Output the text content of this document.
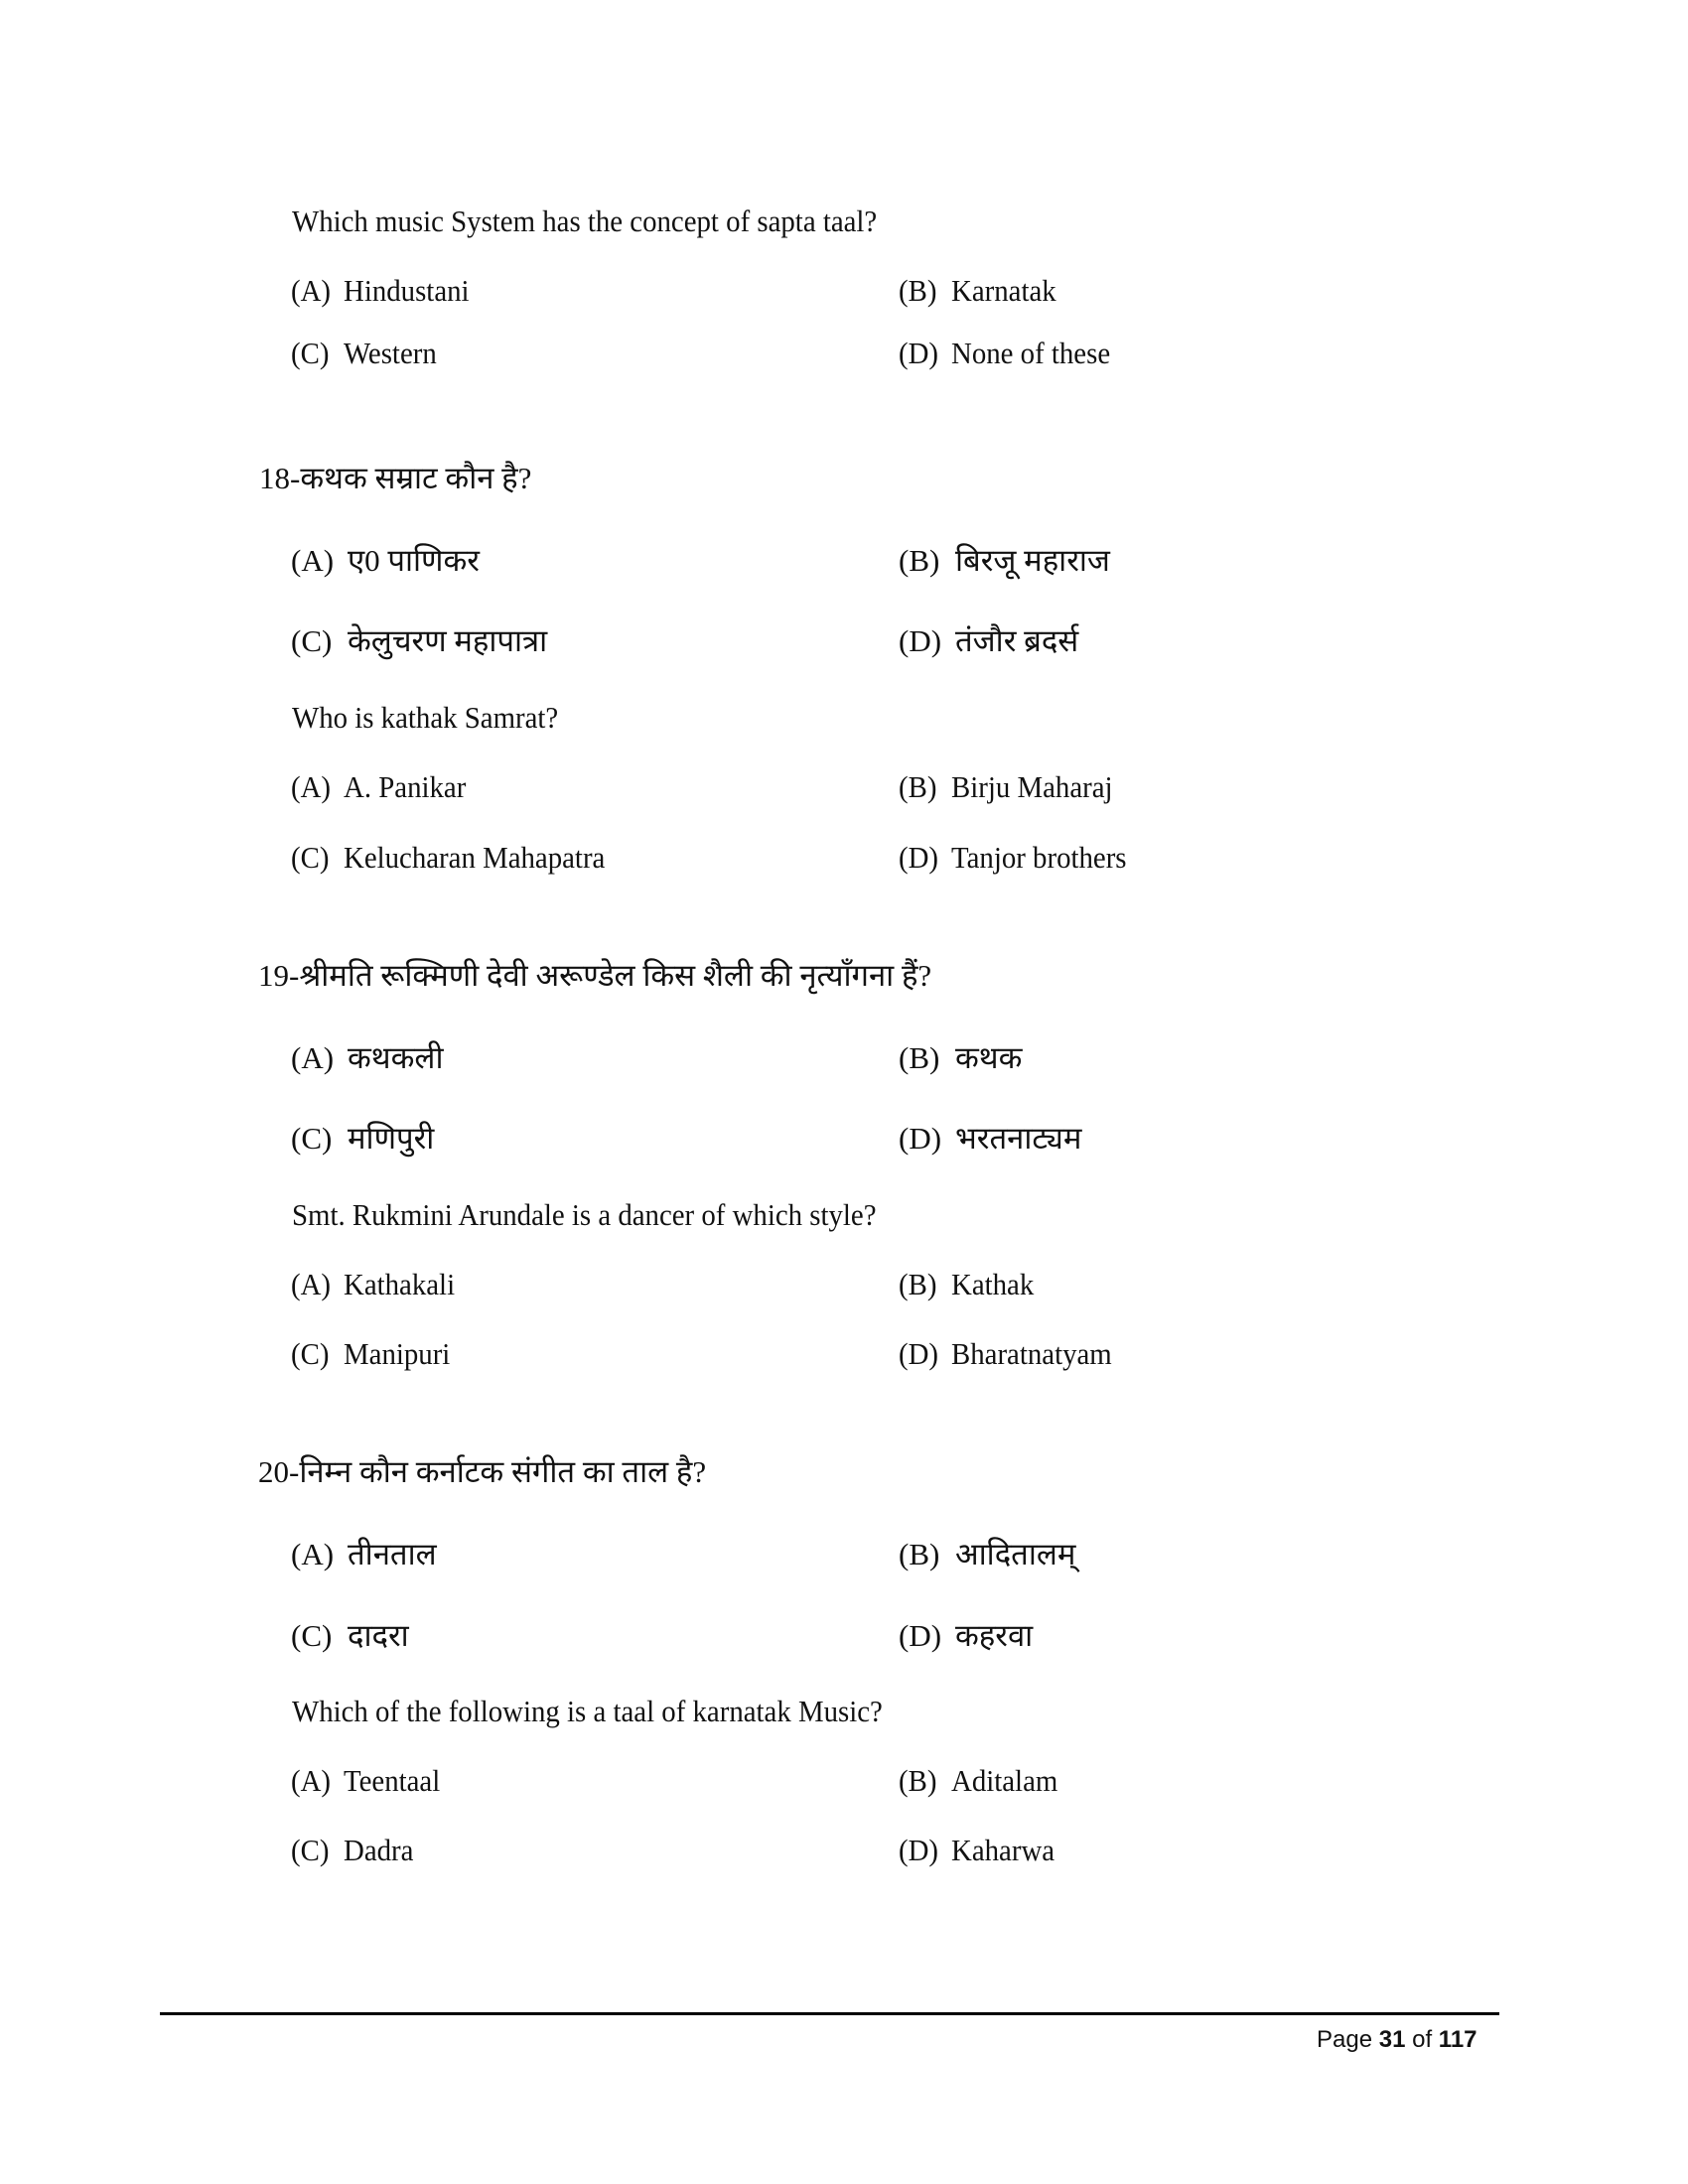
Which music System has the concept of sapta taal?
(A) Hindustani	(B) Karnatak
(C) Western	(D) None of these
18-कथक सम्राट कौन है?
(A) ए0 पाणिकर	(B) बिरजू महाराज
(C) केलुचरण महापात्रा	(D) तंजौर ब्रदर्स
Who is kathak Samrat?
(A) A. Panikar	(B) Birju Maharaj
(C) Kelucharan Mahapatra	(D) Tanjor brothers
19-श्रीमति रूक्मिणी देवी अरूण्डेल किस शैली की नृत्याँगना हैं?
(A) कथकली	(B) कथक
(C) मणिपुरी	(D) भरतनाट्यम
Smt. Rukmini Arundale is a dancer of which style?
(A) Kathakali	(B) Kathak
(C) Manipuri	(D) Bharatnatyam
20-निम्न कौन कर्नाटक संगीत का ताल है?
(A) तीनताल	(B) आदितालम्
(C) दादरा	(D) कहरवा
Which of the following is a taal of karnatak Music?
(A) Teentaal	(B) Aditalam
(C) Dadra	(D) Kaharwa
Page 31 of 117
